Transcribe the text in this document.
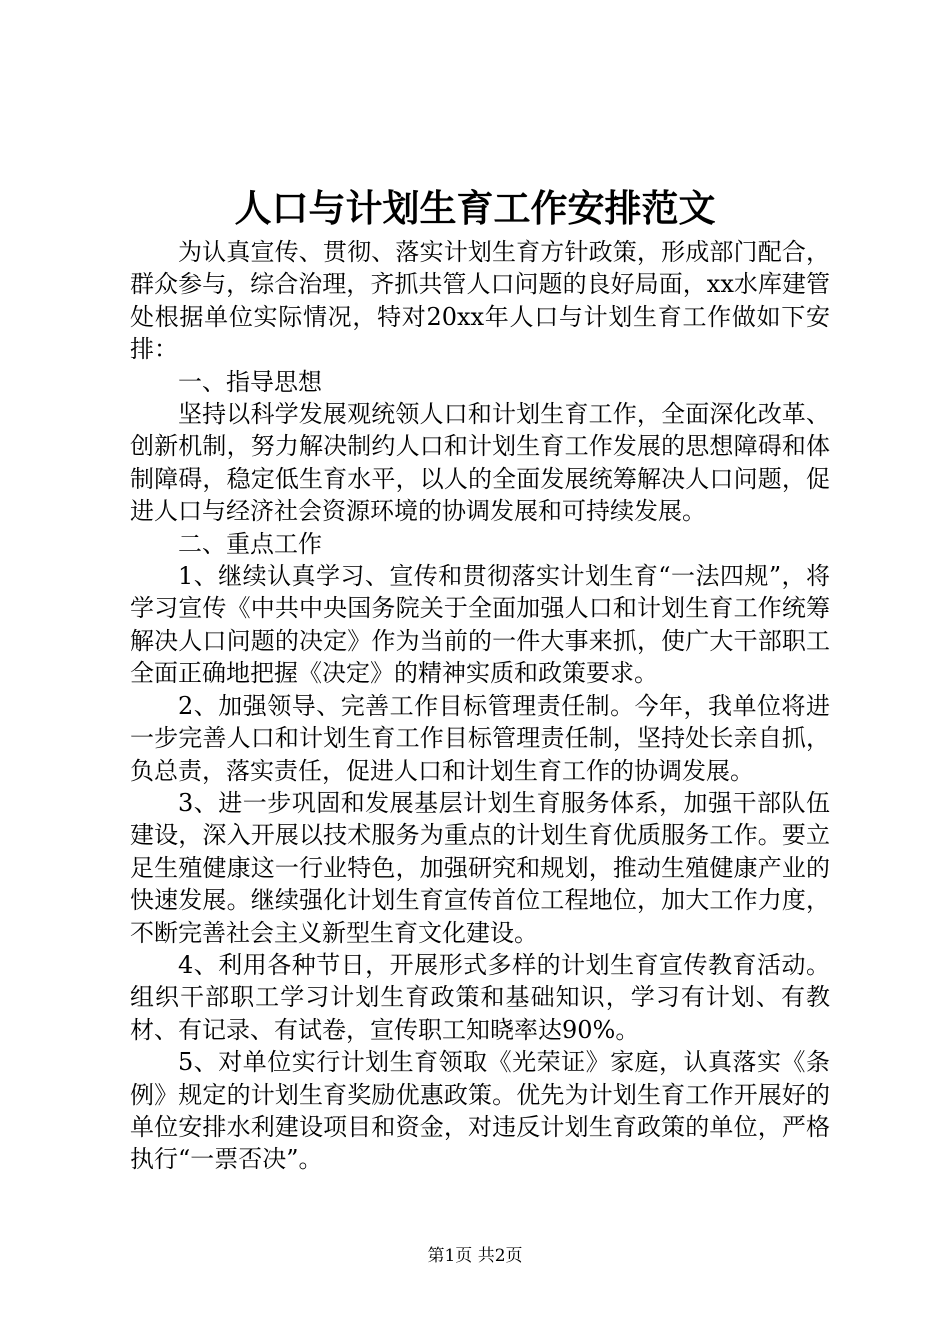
人口与计划生育工作安排范文

为认真宣传、贯彻、落实计划生育方针政策，形成部门配合，群众参与，综合治理，齐抓共管人口问题的良好局面，xx水库建管处根据单位实际情况，特对20xx年人口与计划生育工作做如下安排：

一、指导思想

坚持以科学发展观统领人口和计划生育工作，全面深化改革、创新机制，努力解决制约人口和计划生育工作发展的思想障碍和体制障碍，稳定低生育水平，以人的全面发展统筹解决人口问题，促进人口与经济社会资源环境的协调发展和可持续发展。

二、重点工作

1、继续认真学习、宣传和贯彻落实计划生育“一法四规”，将学习宣传《中共中央国务院关于全面加强人口和计划生育工作统筹解决人口问题的决定》作为当前的一件大事来抓，使广大干部职工全面正确地把握《决定》的精神实质和政策要求。

2、加强领导、完善工作目标管理责任制。今年，我单位将进一步完善人口和计划生育工作目标管理责任制，坚持处长亲自抓，负总责，落实责任，促进人口和计划生育工作的协调发展。

3、进一步巩固和发展基层计划生育服务体系，加强干部队伍建设，深入开展以技术服务为重点的计划生育优质服务工作。要立足生殖健康这一行业特色，加强研究和规划，推动生殖健康产业的快速发展。继续强化计划生育宣传首位工程地位，加大工作力度，不断完善社会主义新型生育文化建设。

4、利用各种节日，开展形式多样的计划生育宣传教育活动。组织干部职工学习计划生育政策和基础知识，学习有计划、有教材、有记录、有试卷，宣传职工知晓率达90%。

5、对单位实行计划生育领取《光荣证》家庭，认真落实《条例》规定的计划生育奖励优惠政策。优先为计划生育工作开展好的单位安排水利建设项目和资金，对违反计划生育政策的单位，严格执行“一票否决”。

第1页 共2页
